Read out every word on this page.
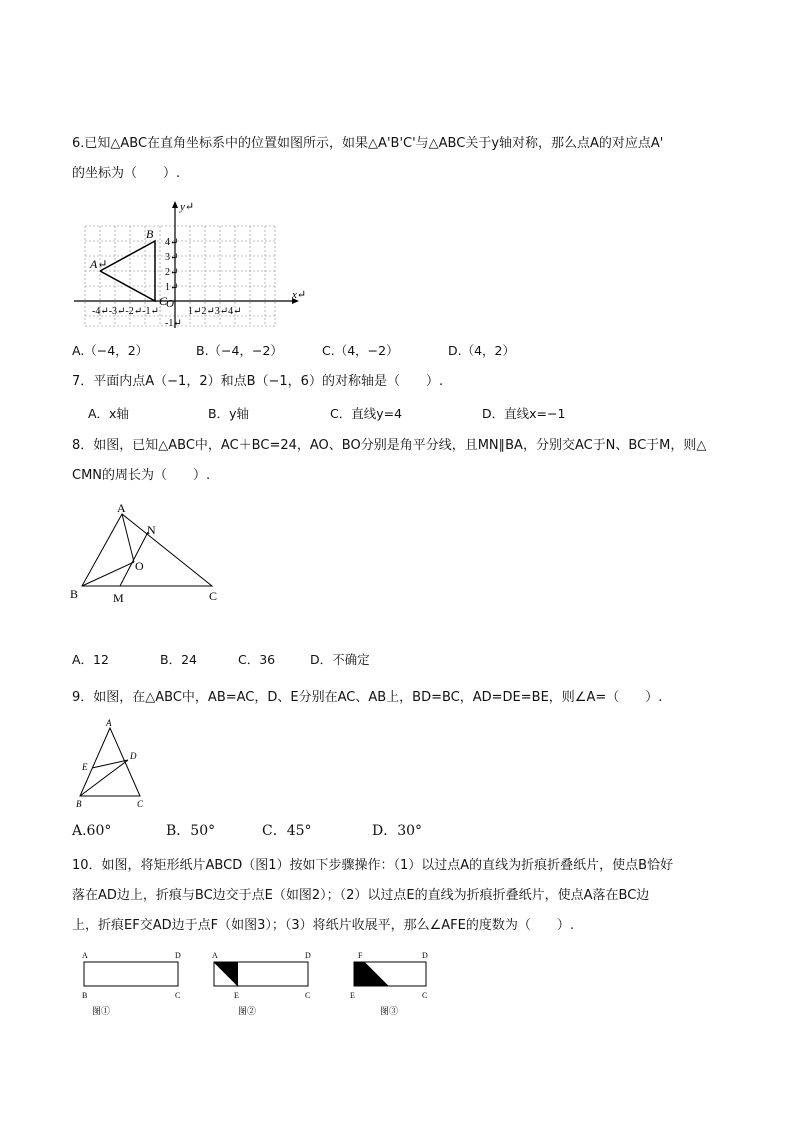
6.已知△ABC在直角坐标系中的位置如图所示，如果△A'B'C'与△ABC关于y轴对称，那么点A的对应点A'
的坐标为（　　）.
y↵
x↵
A↵
B
C
O
4↵
3↵
2↵
1↵
-1↵
-4↵-3↵-2↵-1↵	1↵2↵3↵4↵
A.（−4，2）	B.（−4，−2）	C.（4，−2）	D.（4，2）
7．平面内点A（−1，2）和点B（−1，6）的对称轴是（　　）.
A．x轴	B．y轴	C．直线y=4	D．直线x=−1
8．如图，已知△ABC中，AC＋BC=24，AO、BO分别是角平分线，且MN∥BA，分别交AC于N、BC于M，则△
CMN的周长为（　　）.
A
N
O
B	M	C
A．12	B．24	C．36	D．不确定
9．如图，在△ABC中，AB=AC，D、E分别在AC、AB上，BD=BC，AD=DE=BE，则∠A=（　　）.
A
D
E
B	C
A.60°	B．50°	C．45°	D．30°
10．如图，将矩形纸片ABCD（图1）按如下步骤操作：（1）以过点A的直线为折痕折叠纸片，使点B恰好
落在AD边上，折痕与BC边交于点E（如图2）；（2）以过点E的直线为折痕折叠纸片，使点A落在BC边
上，折痕EF交AD边于点F（如图3）；（3）将纸片收展平，那么∠AFE的度数为（　　）.
A	D
B	C
图①
A	D
E	C
图②
F	D
E	C
图③
